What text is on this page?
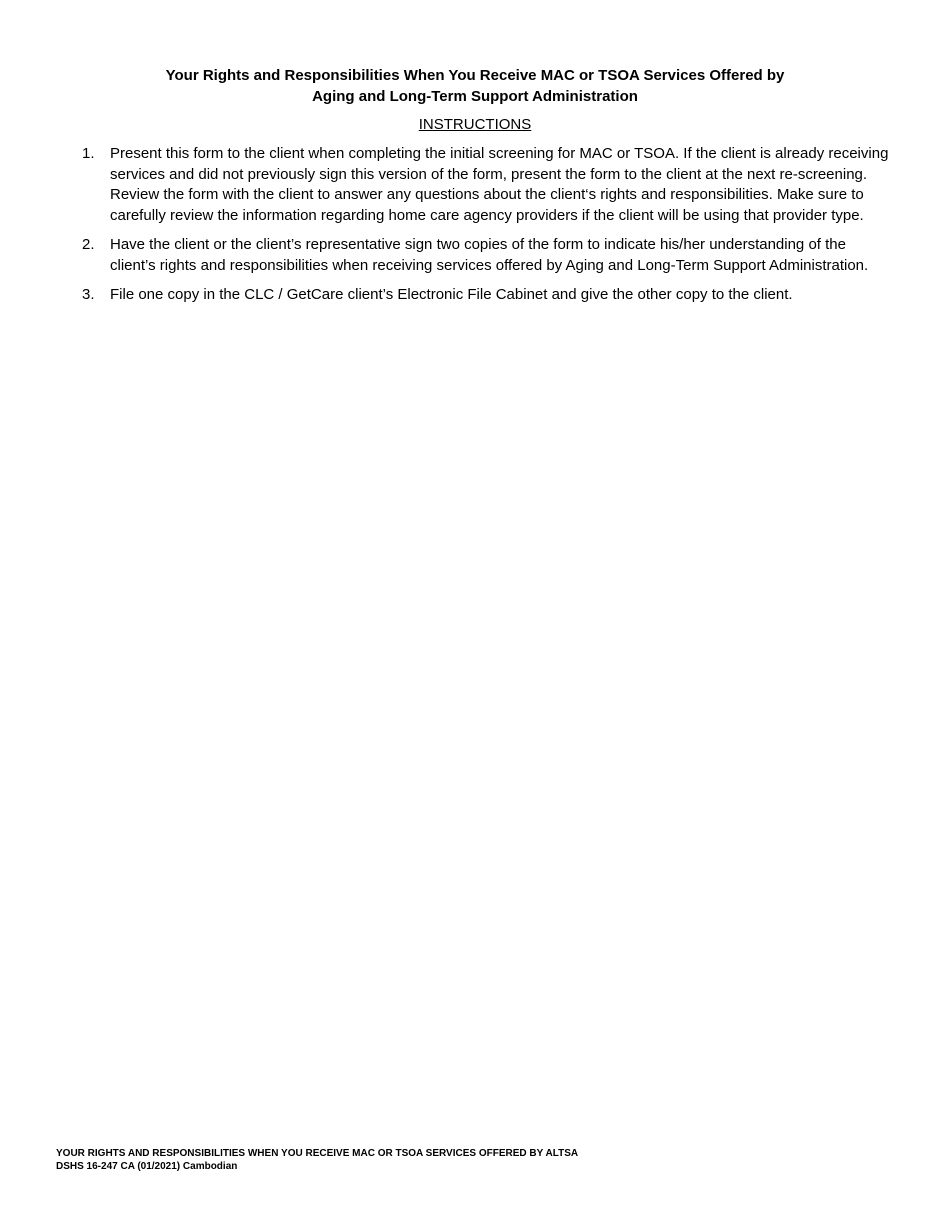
Your Rights and Responsibilities When You Receive MAC or TSOA Services Offered by
Aging and Long-Term Support Administration
INSTRUCTIONS
1.	Present this form to the client when completing the initial screening for MAC or TSOA. If the client is already receiving services and did not previously sign this version of the form, present the form to the client at the next re-screening. Review the form with the client to answer any questions about the client‘s rights and responsibilities. Make sure to carefully review the information regarding home care agency providers if the client will be using that provider type.
2.	Have the client or the client’s representative sign two copies of the form to indicate his/her understanding of the client’s rights and responsibilities when receiving services offered by Aging and Long-Term Support Administration.
3.	File one copy in the CLC / GetCare client’s Electronic File Cabinet and give the other copy to the client.
YOUR RIGHTS AND RESPONSIBILITIES WHEN YOU RECEIVE MAC OR TSOA SERVICES OFFERED BY ALTSA
DSHS 16-247 CA (01/2021) Cambodian
